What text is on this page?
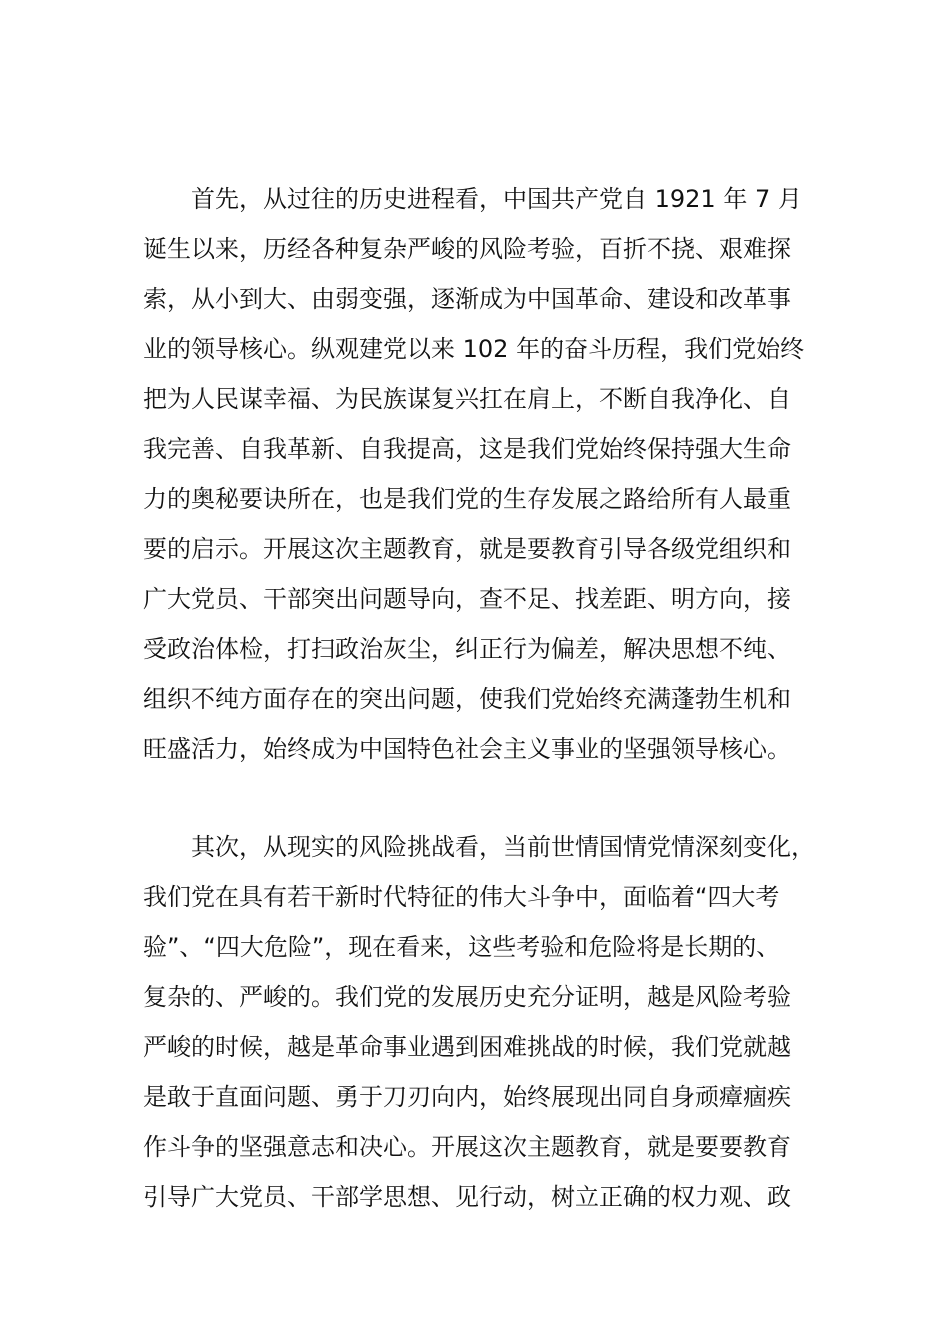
首先，从过往的历史进程看，中国共产党自 1921 年 7 月
诞生以来，历经各种复杂严峻的风险考验，百折不挠、艰难探
索，从小到大、由弱变强，逐渐成为中国革命、建设和改革事
业的领导核心。纵观建党以来 102 年的奋斗历程，我们党始终
把为人民谋幸福、为民族谋复兴扛在肩上，不断自我净化、自
我完善、自我革新、自我提高，这是我们党始终保持强大生命
力的奥秘要诀所在，也是我们党的生存发展之路给所有人最重
要的启示。开展这次主题教育，就是要教育引导各级党组织和
广大党员、干部突出问题导向，查不足、找差距、明方向，接
受政治体检，打扫政治灰尘，纠正行为偏差，解决思想不纯、
组织不纯方面存在的突出问题，使我们党始终充满蓬勃生机和
旺盛活力，始终成为中国特色社会主义事业的坚强领导核心。
其次，从现实的风险挑战看，当前世情国情党情深刻变化，
我们党在具有若干新时代特征的伟大斗争中，面临着“四大考
验”、“四大危险”，现在看来，这些考验和危险将是长期的、
复杂的、严峻的。我们党的发展历史充分证明，越是风险考验
严峻的时候，越是革命事业遇到困难挑战的时候，我们党就越
是敢于直面问题、勇于刀刃向内，始终展现出同自身顽瘴痼疾
作斗争的坚强意志和决心。开展这次主题教育，就是要要教育
引导广大党员、干部学思想、见行动，树立正确的权力观、政
